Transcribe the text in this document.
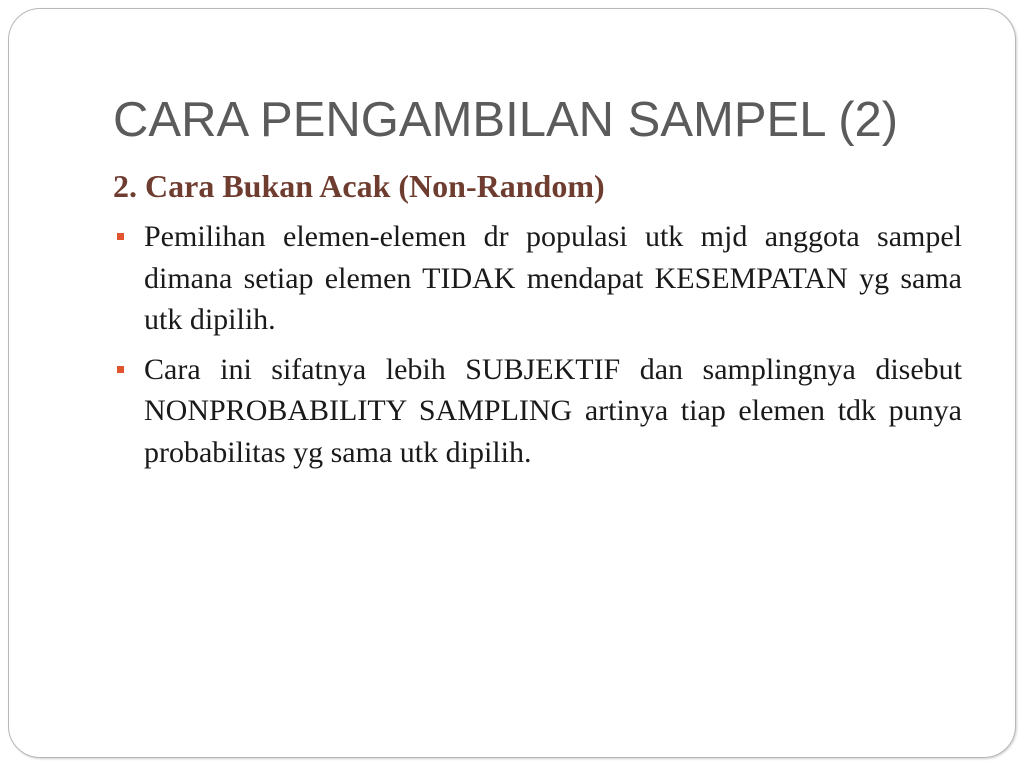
CARA PENGAMBILAN SAMPEL (2)
2. Cara Bukan Acak (Non-Random)

Pemilihan elemen-elemen dr populasi utk mjd anggota sampel dimana setiap elemen TIDAK mendapat KESEMPATAN yg sama utk dipilih.

Cara ini sifatnya lebih SUBJEKTIF dan samplingnya disebut NONPROBABILITY SAMPLING artinya tiap elemen tdk punya probabilitas yg sama utk dipilih.
